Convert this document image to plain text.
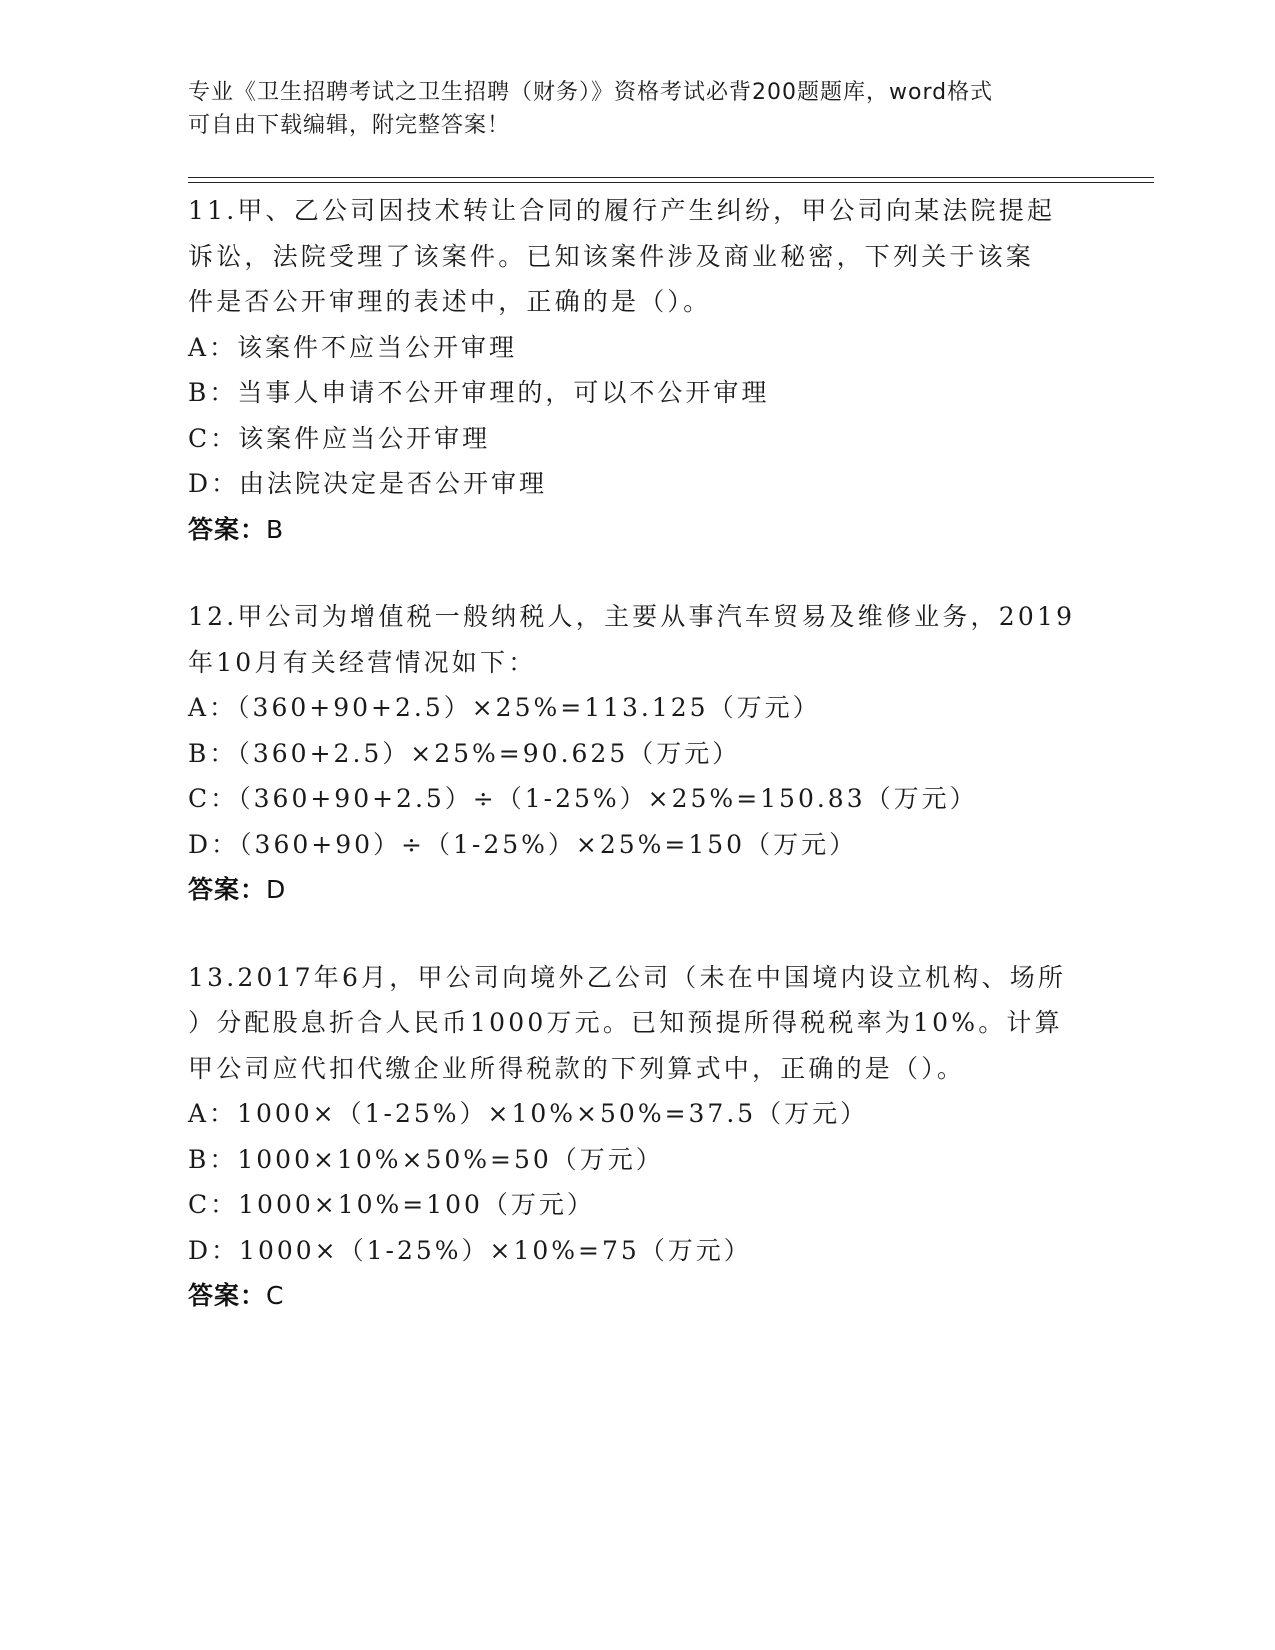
专业《卫生招聘考试之卫生招聘（财务）》资格考试必背200题题库，word格式
可自由下载编辑，附完整答案！
11.甲、乙公司因技术转让合同的履行产生纠纷，甲公司向某法院提起
诉讼，法院受理了该案件。已知该案件涉及商业秘密，下列关于该案
件是否公开审理的表述中，正确的是（）。
A：该案件不应当公开审理
B：当事人申请不公开审理的，可以不公开审理
C：该案件应当公开审理
D：由法院决定是否公开审理
答案：B
12.甲公司为增值税一般纳税人，主要从事汽车贸易及维修业务，2019
年10月有关经营情况如下：
A：（360+90+2.5）×25%=113.125（万元）
B：（360+2.5）×25%=90.625（万元）
C：（360+90+2.5）÷（1-25%）×25%=150.83（万元）
D：（360+90）÷（1-25%）×25%=150（万元）
答案：D
13.2017年6月，甲公司向境外乙公司（未在中国境内设立机构、场所
）分配股息折合人民币1000万元。已知预提所得税税率为10%。计算
甲公司应代扣代缴企业所得税款的下列算式中，正确的是（）。
A：1000×（1-25%）×10%×50%=37.5（万元）
B：1000×10%×50%=50（万元）
C：1000×10%=100（万元）
D：1000×（1-25%）×10%=75（万元）
答案：C
